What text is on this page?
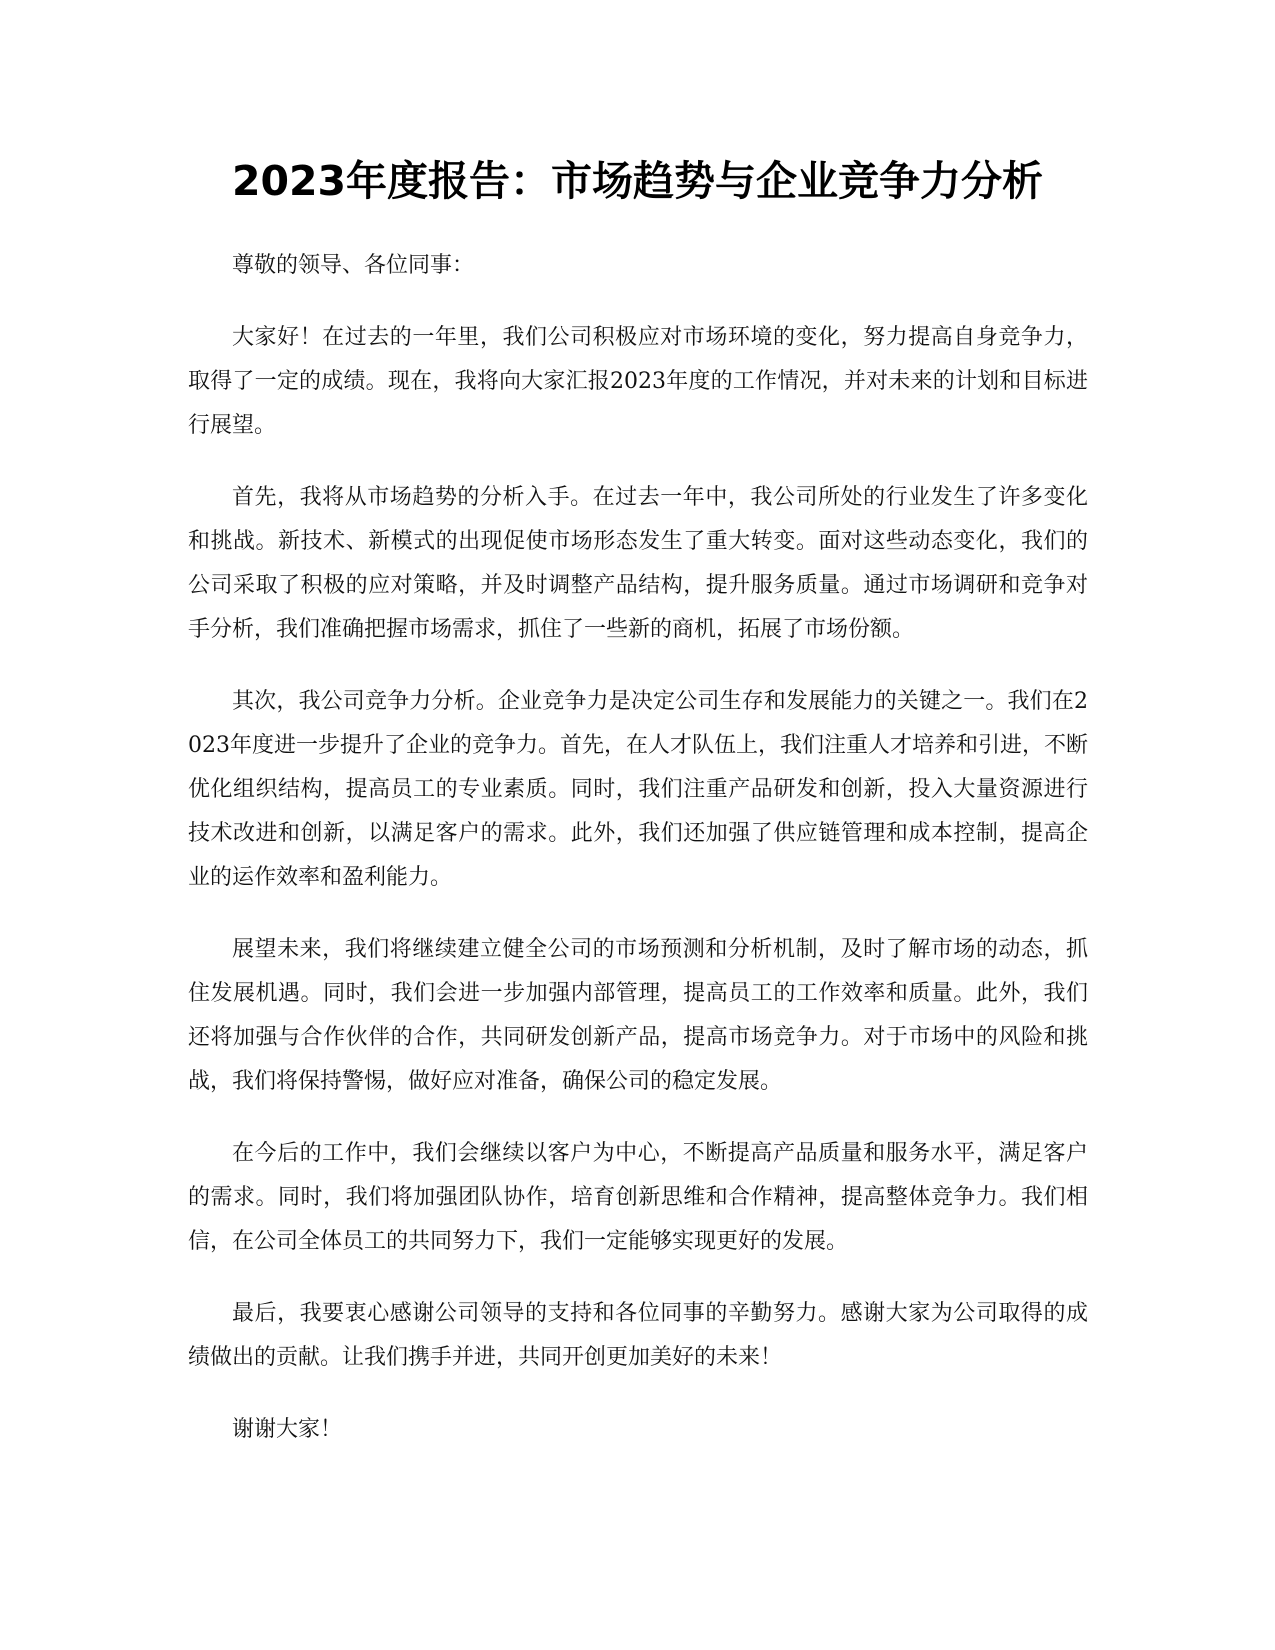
2023年度报告：市场趋势与企业竞争力分析

尊敬的领导、各位同事：

大家好！在过去的一年里，我们公司积极应对市场环境的变化，努力提高自身竞争力，取得了一定的成绩。现在，我将向大家汇报2023年度的工作情况，并对未来的计划和目标进行展望。

首先，我将从市场趋势的分析入手。在过去一年中，我公司所处的行业发生了许多变化和挑战。新技术、新模式的出现促使市场形态发生了重大转变。面对这些动态变化，我们的公司采取了积极的应对策略，并及时调整产品结构，提升服务质量。通过市场调研和竞争对手分析，我们准确把握市场需求，抓住了一些新的商机，拓展了市场份额。

其次，我公司竞争力分析。企业竞争力是决定公司生存和发展能力的关键之一。我们在2023年度进一步提升了企业的竞争力。首先，在人才队伍上，我们注重人才培养和引进，不断优化组织结构，提高员工的专业素质。同时，我们注重产品研发和创新，投入大量资源进行技术改进和创新，以满足客户的需求。此外，我们还加强了供应链管理和成本控制，提高企业的运作效率和盈利能力。

展望未来，我们将继续建立健全公司的市场预测和分析机制，及时了解市场的动态，抓住发展机遇。同时，我们会进一步加强内部管理，提高员工的工作效率和质量。此外，我们还将加强与合作伙伴的合作，共同研发创新产品，提高市场竞争力。对于市场中的风险和挑战，我们将保持警惕，做好应对准备，确保公司的稳定发展。

在今后的工作中，我们会继续以客户为中心，不断提高产品质量和服务水平，满足客户的需求。同时，我们将加强团队协作，培育创新思维和合作精神，提高整体竞争力。我们相信，在公司全体员工的共同努力下，我们一定能够实现更好的发展。

最后，我要衷心感谢公司领导的支持和各位同事的辛勤努力。感谢大家为公司取得的成绩做出的贡献。让我们携手并进，共同开创更加美好的未来！

谢谢大家！
